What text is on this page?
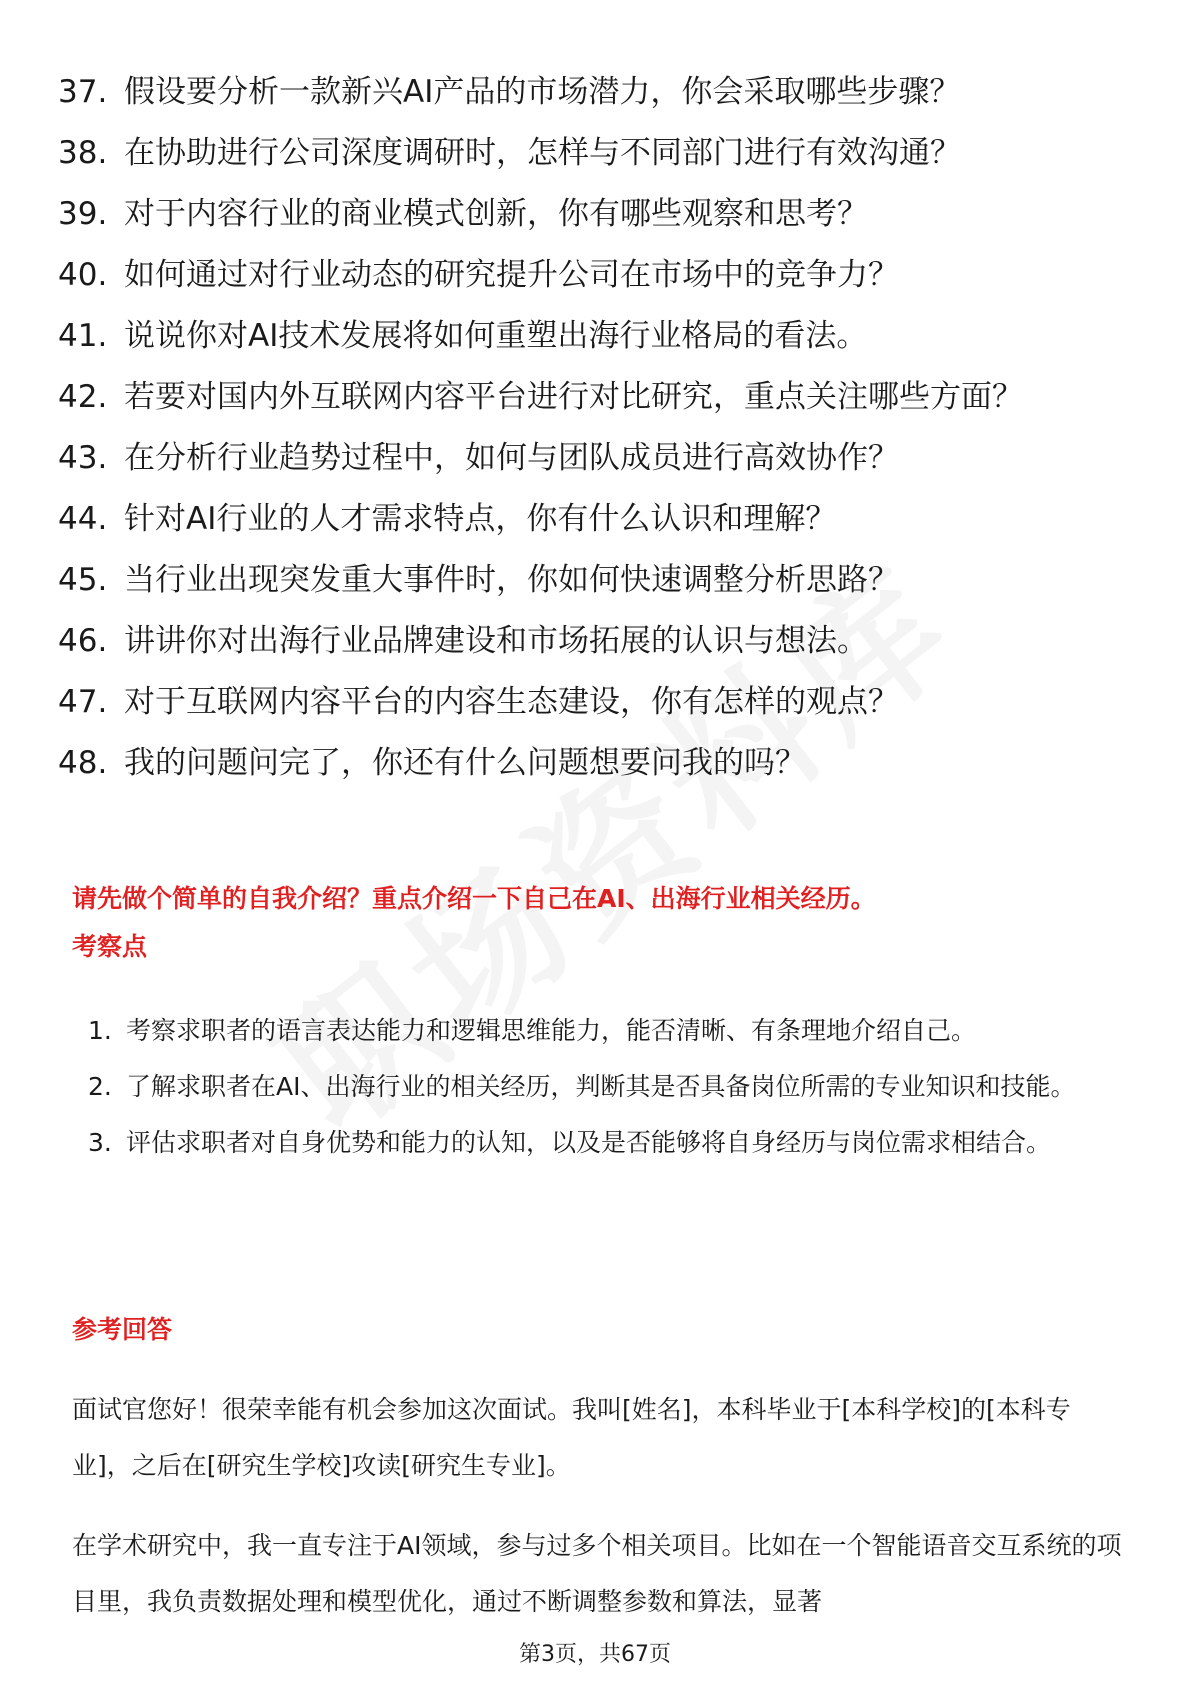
37. 假设要分析一款新兴AI产品的市场潜力，你会采取哪些步骤？
38. 在协助进行公司深度调研时，怎样与不同部门进行有效沟通？
39. 对于内容行业的商业模式创新，你有哪些观察和思考？
40. 如何通过对行业动态的研究提升公司在市场中的竞争力？
41. 说说你对AI技术发展将如何重塑出海行业格局的看法。
42. 若要对国内外互联网内容平台进行对比研究，重点关注哪些方面？
43. 在分析行业趋势过程中，如何与团队成员进行高效协作？
44. 针对AI行业的人才需求特点，你有什么认识和理解？
45. 当行业出现突发重大事件时，你如何快速调整分析思路？
46. 讲讲你对出海行业品牌建设和市场拓展的认识与想法。
47. 对于互联网内容平台的内容生态建设，你有怎样的观点？
48. 我的问题问完了，你还有什么问题想要问我的吗？
请先做个简单的自我介绍？重点介绍一下自己在AI、出海行业相关经历。
考察点
1. 考察求职者的语言表达能力和逻辑思维能力，能否清晰、有条理地介绍自己。
2. 了解求职者在AI、出海行业的相关经历，判断其是否具备岗位所需的专业知识和技能。
3. 评估求职者对自身优势和能力的认知，以及是否能够将自身经历与岗位需求相结合。
参考回答
面试官您好！很荣幸能有机会参加这次面试。我叫[姓名]，本科毕业于[本科学校]的[本科专业]，之后在[研究生学校]攻读[研究生专业]。
在学术研究中，我一直专注于AI领域，参与过多个相关项目。比如在一个智能语音交互系统的项目里，我负责数据处理和模型优化，通过不断调整参数和算法，显著
第3页，共67页
